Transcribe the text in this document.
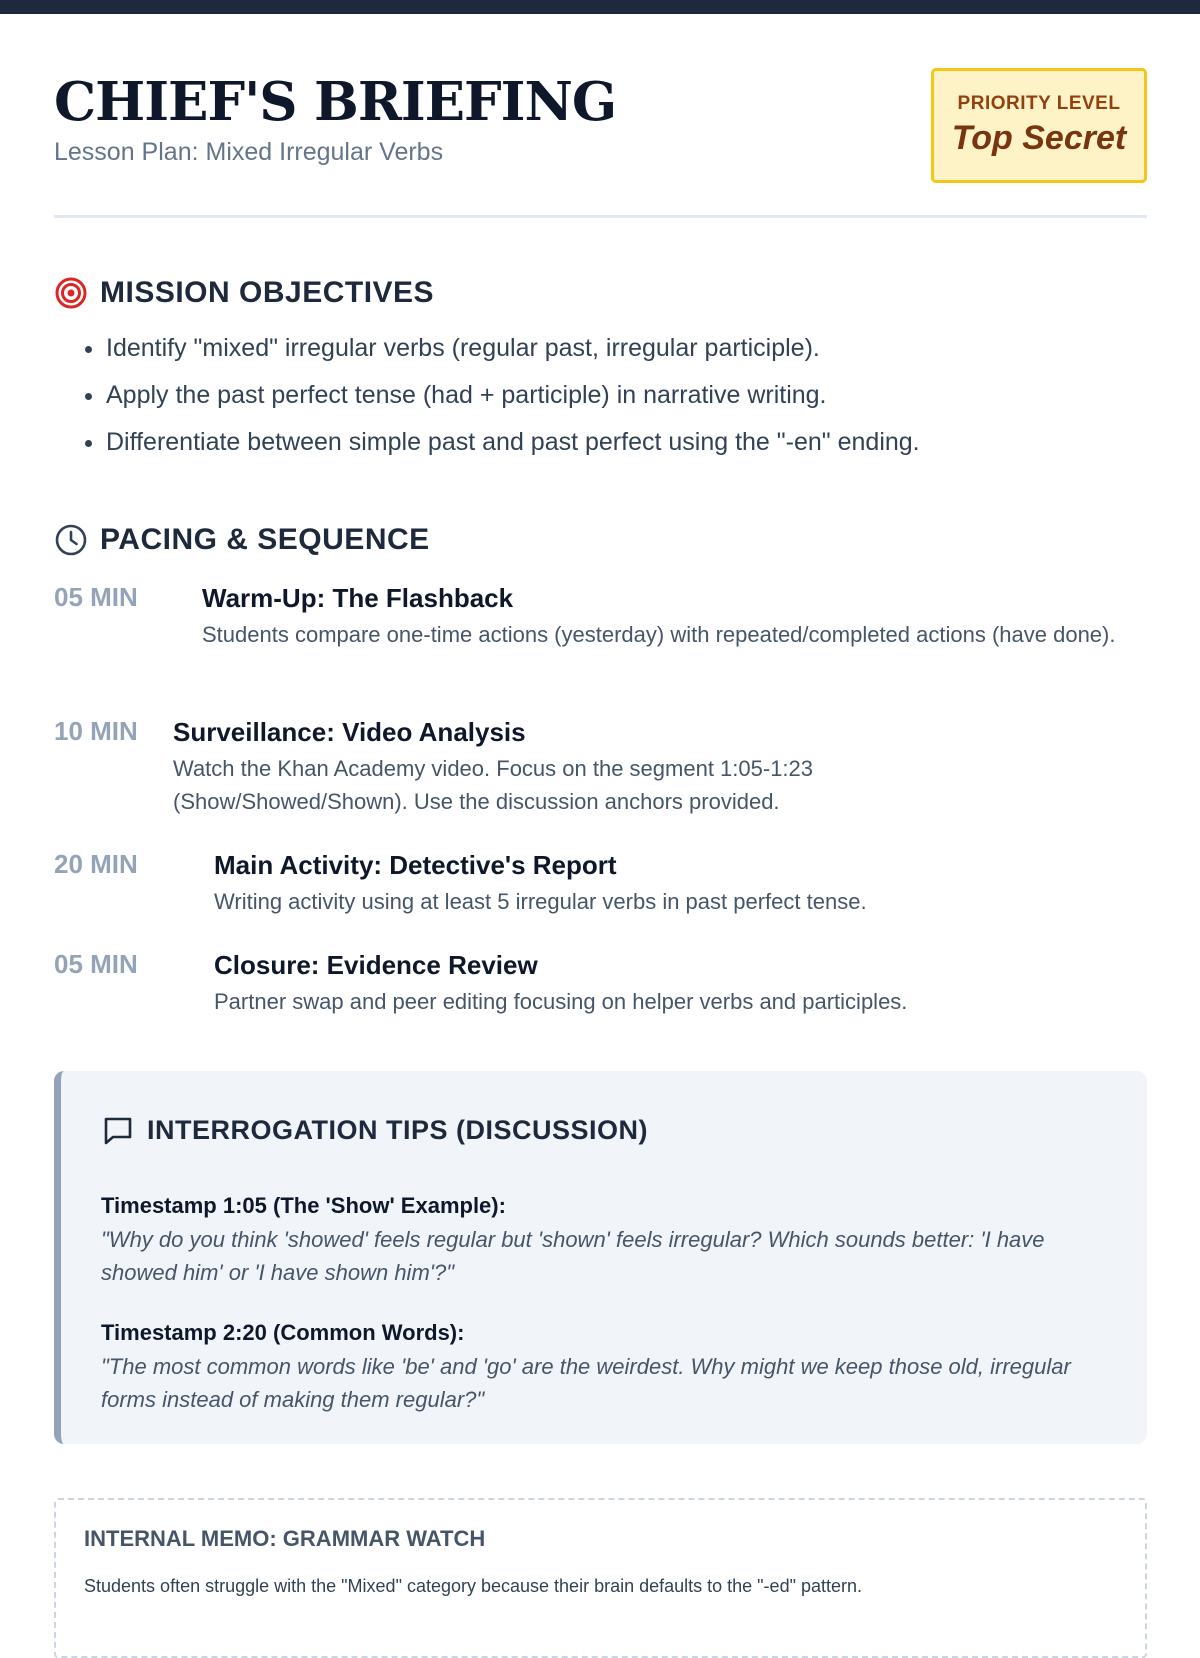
CHIEF'S BRIEFING
Lesson Plan: Mixed Irregular Verbs
PRIORITY LEVEL
Top Secret
MISSION OBJECTIVES
• Identify "mixed" irregular verbs (regular past, irregular participle).
• Apply the past perfect tense (had + participle) in narrative writing.
• Differentiate between simple past and past perfect using the "-en" ending.
PACING & SEQUENCE
05 MIN Warm-Up: The Flashback
Students compare one-time actions (yesterday) with repeated/completed actions (have done).
10 MIN Surveillance: Video Analysis
Watch the Khan Academy video. Focus on the segment 1:05-1:23 (Show/Showed/Shown). Use the discussion anchors provided.
20 MIN	Main Activity: Detective's Report
Writing activity using at least 5 irregular verbs in past perfect tense.
05 MIN	Closure: Evidence Review
Partner swap and peer editing focusing on helper verbs and participles.
INTERROGATION TIPS (DISCUSSION)
Timestamp 1:05 (The 'Show' Example):
"Why do you think 'showed' feels regular but 'shown' feels irregular? Which sounds better: 'I have showed him' or 'I have shown him'?"
Timestamp 2:20 (Common Words):
"The most common words like 'be' and 'go' are the weirdest. Why might we keep those old, irregular forms instead of making them regular?"
INTERNAL MEMO: GRAMMAR WATCH

Students often struggle with the "Mixed" category because their brain defaults to the "-ed" pattern.
